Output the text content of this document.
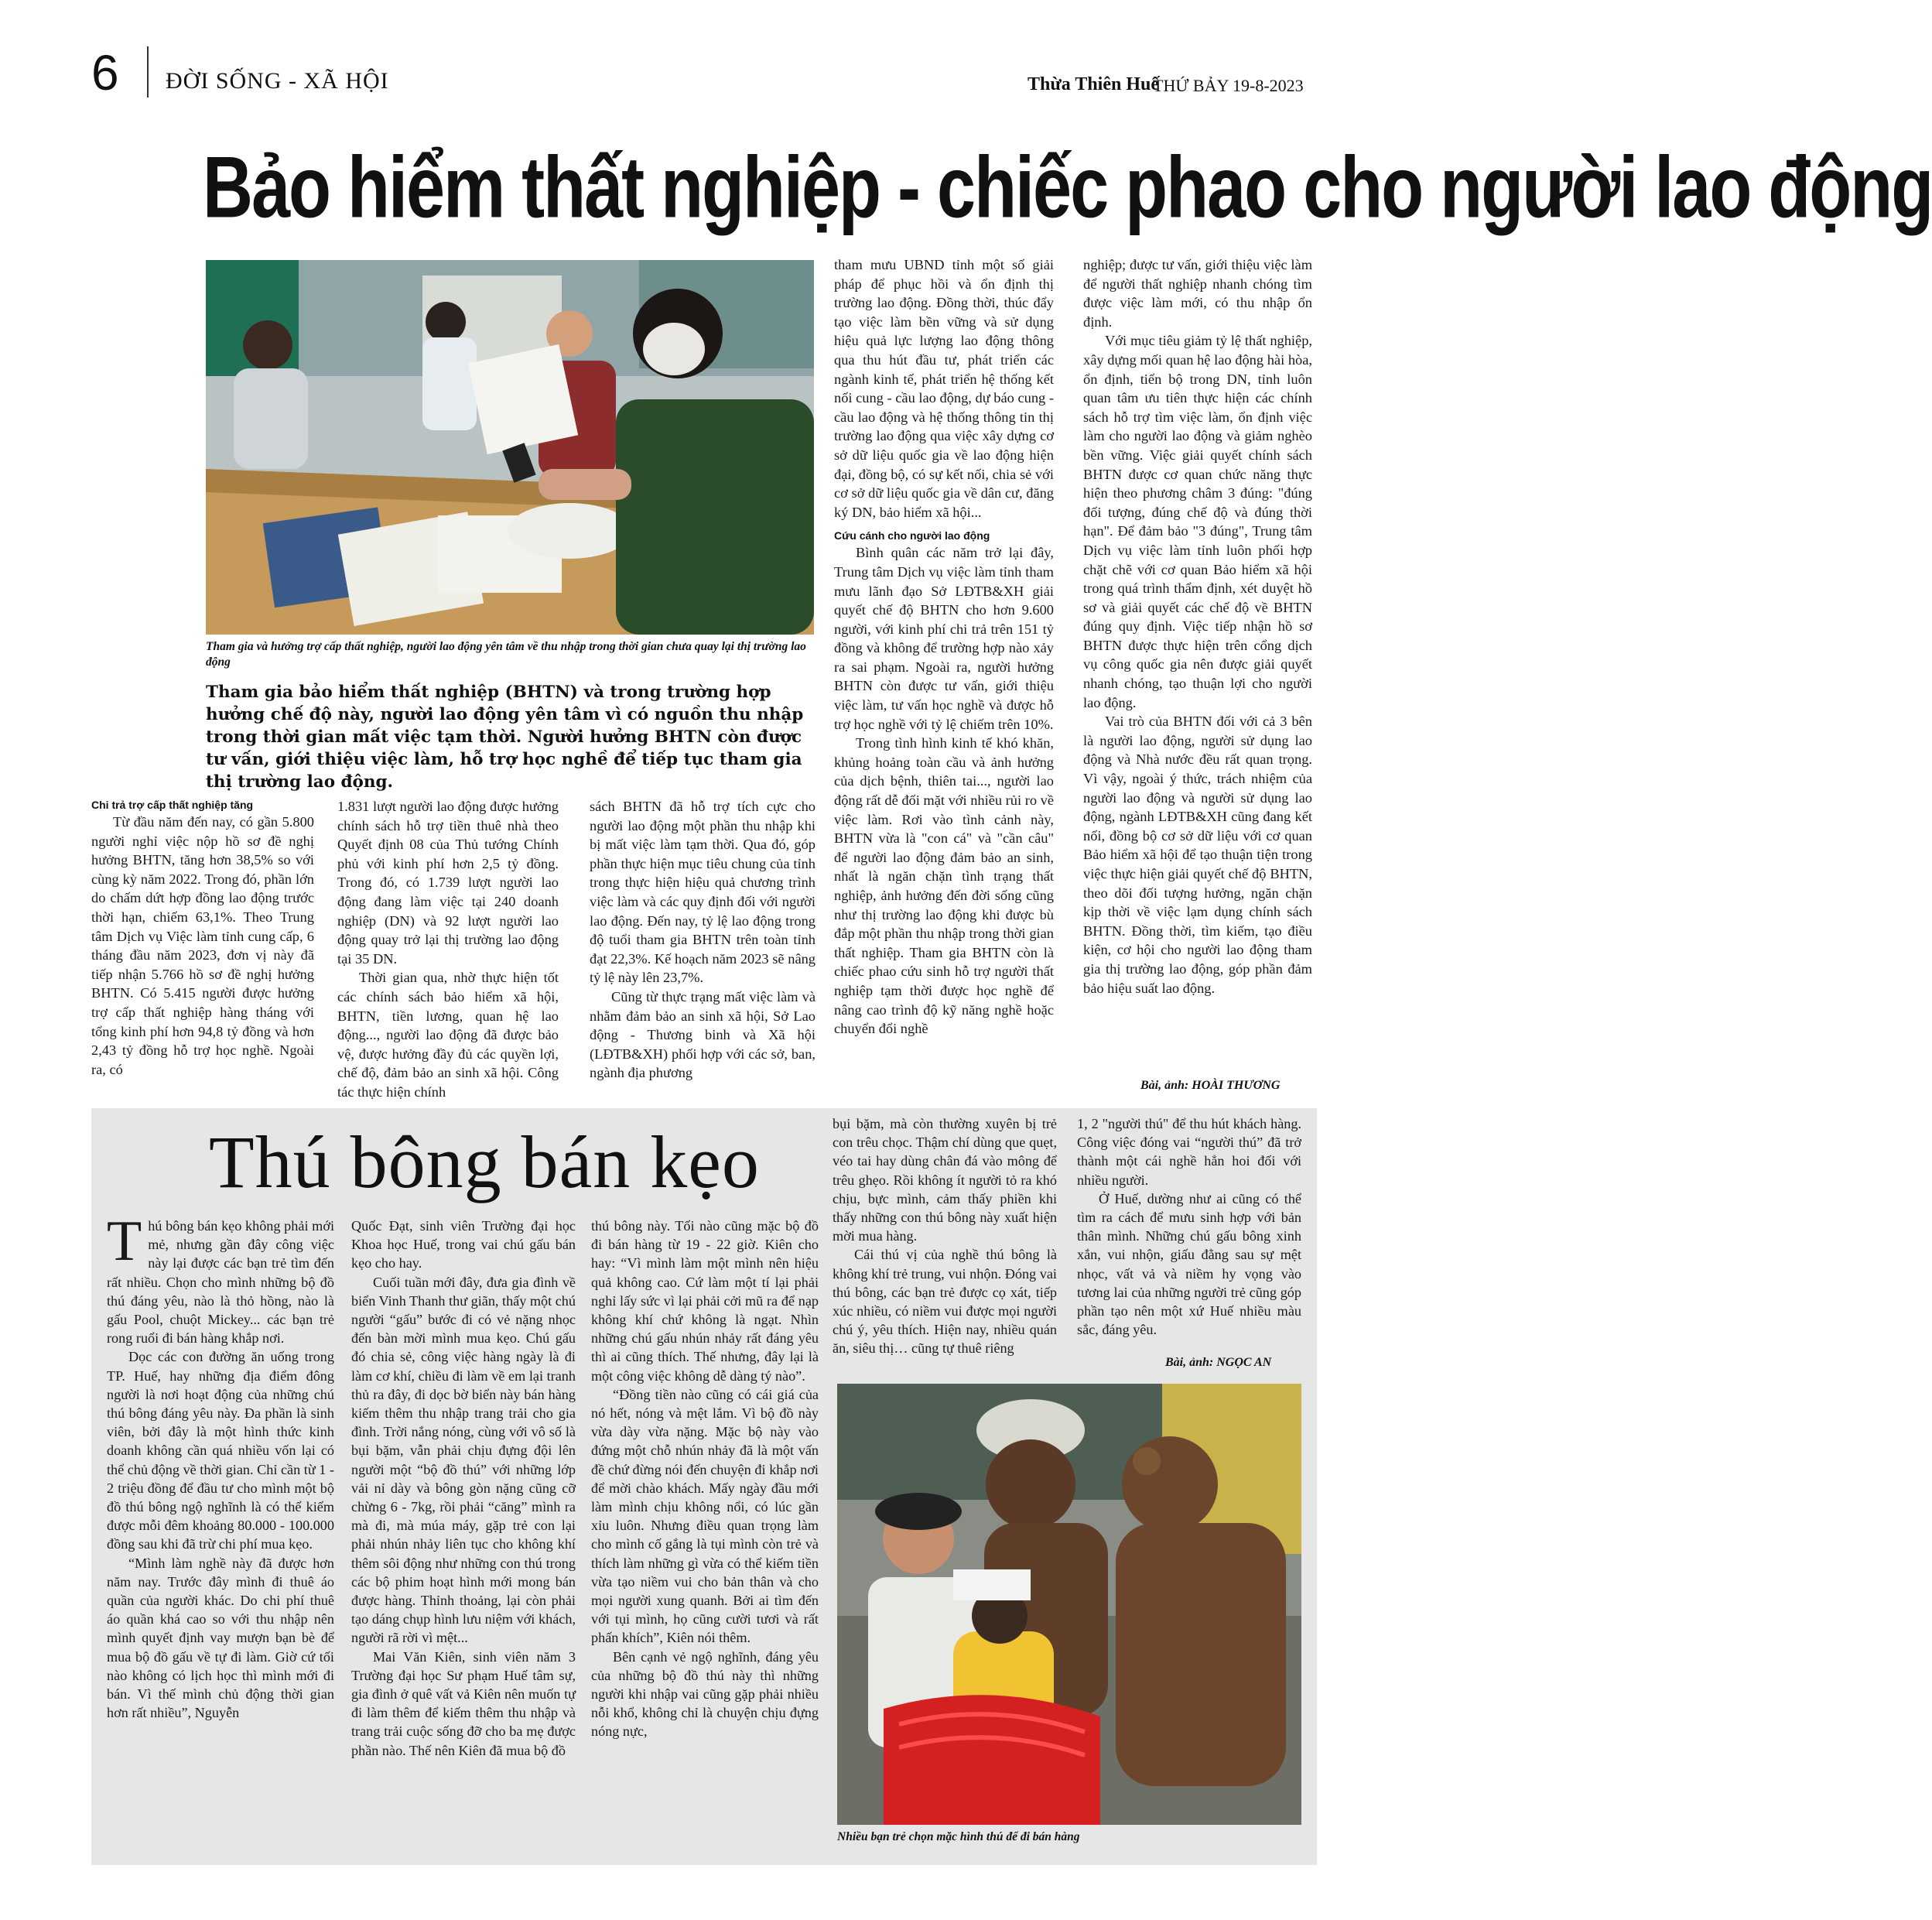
6 ĐỜI SỐNG - XÃ HỘI	Thừa Thiên Huế
THỨ BẢY 19-8-2023
Bảo hiểm thất nghiệp - chiếc phao cho người lao động
Tham gia và hưởng trợ cấp thất nghiệp, người lao động yên tâm về thu nhập trong thời gian chưa quay lại thị trường lao động
Tham gia bảo hiểm thất nghiệp (BHTN) và trong trường hợp hưởng chế độ này, người lao động yên tâm vì có nguồn thu nhập trong thời gian mất việc tạm thời. Người hưởng BHTN còn được tư vấn, giới thiệu việc làm, hỗ trợ học nghề để tiếp tục tham gia thị trường lao động.
Chi trả trợ cấp thất nghiệp tăng

Từ đầu năm đến nay, có gần 5.800 người nghỉ việc nộp hồ sơ đề nghị hưởng BHTN, tăng hơn 38,5% so với cùng kỳ năm 2022. Trong đó, phần lớn do chấm dứt hợp đồng lao động trước thời hạn, chiếm 63,1%. Theo Trung tâm Dịch vụ Việc làm tỉnh cung cấp, 6 tháng đầu năm 2023, đơn vị này đã tiếp nhận 5.766 hồ sơ đề nghị hưởng BHTN. Có 5.415 người được hưởng trợ cấp thất nghiệp hàng tháng với tổng kinh phí hơn 94,8 tỷ đồng và hơn 2,43 tỷ đồng hỗ trợ học nghề. Ngoài ra, có

1.831 lượt người lao động được hưởng chính sách hỗ trợ tiền thuê nhà theo Quyết định 08 của Thủ tướng Chính phủ với kinh phí hơn 2,5 tỷ đồng. Trong đó, có 1.739 lượt người lao động đang làm việc tại 240 doanh nghiệp (DN) và 92 lượt người lao động quay trở lại thị trường lao động tại 35 DN.

Thời gian qua, nhờ thực hiện tốt các chính sách bảo hiểm xã hội, BHTN, tiền lương, quan hệ lao động..., người lao động đã được bảo vệ, được hưởng đầy đủ các quyền lợi, chế độ, đảm bảo an sinh xã hội. Công tác thực hiện chính

sách BHTN đã hỗ trợ tích cực cho người lao động một phần thu nhập khi bị mất việc làm tạm thời. Qua đó, góp phần thực hiện mục tiêu chung của tỉnh trong thực hiện hiệu quả chương trình việc làm và các quy định đối với người lao động. Đến nay, tỷ lệ lao động trong độ tuổi tham gia BHTN trên toàn tỉnh đạt 22,3%. Kế hoạch năm 2023 sẽ nâng tỷ lệ này lên 23,7%.

Cũng từ thực trạng mất việc làm và nhằm đảm bảo an sinh xã hội, Sở Lao động - Thương binh và Xã hội (LĐTB&XH) phối hợp với các sở, ban, ngành địa phương

tham mưu UBND tỉnh một số giải pháp để phục hồi và ổn định thị trường lao động. Đồng thời, thúc đẩy tạo việc làm bền vững và sử dụng hiệu quả lực lượng lao động thông qua thu hút đầu tư, phát triển các ngành kinh tế, phát triển hệ thống kết nối cung - cầu lao động, dự báo cung - cầu lao động và hệ thống thông tin thị trường lao động qua việc xây dựng cơ sở dữ liệu quốc gia về lao động hiện đại, đồng bộ, có sự kết nối, chia sẻ với cơ sở dữ liệu quốc gia về dân cư, đăng ký DN, bảo hiểm xã hội...

Cứu cánh cho người lao động

Bình quân các năm trở lại đây, Trung tâm Dịch vụ việc làm tỉnh tham mưu lãnh đạo Sở LĐTB&XH giải quyết chế độ BHTN cho hơn 9.600 người, với kinh phí chi trả trên 151 tỷ đồng và không để trường hợp nào xảy ra sai phạm. Ngoài ra, người hưởng BHTN còn được tư vấn, giới thiệu việc làm, tư vấn học nghề và được hỗ trợ học nghề với tỷ lệ chiếm trên 10%.

Trong tình hình kinh tế khó khăn, khủng hoảng toàn cầu và ảnh hưởng của dịch bệnh, thiên tai..., người lao động rất dễ đối mặt với nhiều rủi ro về việc làm. Rơi vào tình cảnh này, BHTN vừa là "con cá" và "cần câu" để người lao động đảm bảo an sinh, nhất là ngăn chặn tình trạng thất nghiệp, ảnh hưởng đến đời sống cũng như thị trường lao động khi được bù đắp một phần thu nhập trong thời gian thất nghiệp. Tham gia BHTN còn là chiếc phao cứu sinh hỗ trợ người thất nghiệp tạm thời được học nghề để nâng cao trình độ kỹ năng nghề hoặc chuyển đổi nghề

nghiệp; được tư vấn, giới thiệu việc làm để người thất nghiệp nhanh chóng tìm được việc làm mới, có thu nhập ổn định.

Với mục tiêu giảm tỷ lệ thất nghiệp, xây dựng mối quan hệ lao động hài hòa, ổn định, tiến bộ trong DN, tỉnh luôn quan tâm ưu tiên thực hiện các chính sách hỗ trợ tìm việc làm, ổn định việc làm cho người lao động và giảm nghèo bền vững. Việc giải quyết chính sách BHTN được cơ quan chức năng thực hiện theo phương châm 3 đúng: "đúng đối tượng, đúng chế độ và đúng thời hạn". Để đảm bảo "3 đúng", Trung tâm Dịch vụ việc làm tỉnh luôn phối hợp chặt chẽ với cơ quan Bảo hiểm xã hội trong quá trình thẩm định, xét duyệt hồ sơ và giải quyết các chế độ về BHTN đúng quy định. Việc tiếp nhận hồ sơ BHTN được thực hiện trên cổng dịch vụ công quốc gia nên được giải quyết nhanh chóng, tạo thuận lợi cho người lao động.

Vai trò của BHTN đối với cả 3 bên là người lao động, người sử dụng lao động và Nhà nước đều rất quan trọng. Vì vậy, ngoài ý thức, trách nhiệm của người lao động và người sử dụng lao động, ngành LĐTB&XH cũng đang kết nối, đồng bộ cơ sở dữ liệu với cơ quan Bảo hiểm xã hội để tạo thuận tiện trong việc thực hiện giải quyết chế độ BHTN, theo dõi đối tượng hưởng, ngăn chặn kịp thời về việc lạm dụng chính sách BHTN. Đồng thời, tìm kiếm, tạo điều kiện, cơ hội cho người lao động tham gia thị trường lao động, góp phần đảm bảo hiệu suất lao động.

Bài, ảnh: HOÀI THƯƠNG
Thú bông bán kẹo

Thú bông bán kẹo không phải mới mẻ, nhưng gần đây công việc này lại được các bạn trẻ tìm đến rất nhiều. Chọn cho mình những bộ đồ thú đáng yêu, nào là thỏ hồng, nào là gấu Pool, chuột Mickey... các bạn trẻ rong ruổi đi bán hàng khắp nơi.

Dọc các con đường ăn uống trong TP. Huế, hay những địa điểm đông người là nơi hoạt động của những chú thú bông đáng yêu này. Đa phần là sinh viên, bởi đây là một hình thức kinh doanh không cần quá nhiều vốn lại có thể chủ động về thời gian. Chỉ cần từ 1 - 2 triệu đồng để đầu tư cho mình một bộ đồ thú bông ngộ nghĩnh là có thể kiếm được mỗi đêm khoảng 80.000 - 100.000 đồng sau khi đã trừ chi phí mua kẹo.

“Mình làm nghề này đã được hơn năm nay. Trước đây mình đi thuê áo quần của người khác. Do chi phí thuê áo quần khá cao so với thu nhập nên mình quyết định vay mượn bạn bè để mua bộ đồ gấu về tự đi làm. Giờ cứ tối nào không có lịch học thì mình mới đi bán. Vì thế mình chủ động thời gian hơn rất nhiều”, Nguyễn

Quốc Đạt, sinh viên Trường đại học Khoa học Huế, trong vai chú gấu bán kẹo cho hay.

Cuối tuần mới đây, đưa gia đình về biển Vinh Thanh thư giãn, thấy một chú người “gấu” bước đi có vẻ nặng nhọc đến bàn mời mình mua kẹo. Chú gấu đó chia sẻ, công việc hàng ngày là đi làm cơ khí, chiều đi làm về em lại tranh thủ ra đây, đi dọc bờ biển này bán hàng kiếm thêm thu nhập trang trải cho gia đình. Trời nắng nóng, cùng với vô số là bụi bặm, vẫn phải chịu đựng đội lên người một “bộ đồ thú” với những lớp vải nỉ dày và bông gòn nặng cũng cỡ chừng 6 - 7kg, rồi phải “căng” mình ra mà đi, mà múa máy, gặp trẻ con lại phải nhún nhảy liên tục cho không khí thêm sôi động như những con thú trong các bộ phim hoạt hình mới mong bán được hàng. Thỉnh thoảng, lại còn phải tạo dáng chụp hình lưu niệm với khách, người rã rời vì mệt...

Mai Văn Kiên, sinh viên năm 3 Trường đại học Sư phạm Huế tâm sự, gia đình ở quê vất vả Kiên nên muốn tự đi làm thêm để kiếm thêm thu nhập và trang trải cuộc sống đỡ cho ba mẹ được phần nào. Thế nên Kiên đã mua bộ đồ

thú bông này. Tối nào cũng mặc bộ đồ đi bán hàng từ 19 - 22 giờ. Kiên cho hay: “Vì mình làm một mình nên hiệu quả không cao. Cứ làm một tí lại phải nghỉ lấy sức vì lại phải cởi mũ ra để nạp không khí chứ không là ngạt. Nhìn những chú gấu nhún nhảy rất đáng yêu thì ai cũng thích. Thế nhưng, đây lại là một công việc không dễ dàng tý nào”.

“Đồng tiền nào cũng có cái giá của nó hết, nóng và mệt lắm. Vì bộ đồ này vừa dày vừa nặng. Mặc bộ này vào đứng một chỗ nhún nhảy đã là một vấn đề chứ đừng nói đến chuyện đi khắp nơi để mời chào khách. Mấy ngày đầu mới làm mình chịu không nổi, có lúc gần xỉu luôn. Nhưng điều quan trọng làm cho mình cố gắng là tụi mình còn trẻ và thích làm những gì vừa có thể kiếm tiền vừa tạo niềm vui cho bản thân và cho mọi người xung quanh. Bởi ai tìm đến với tụi mình, họ cũng cười tươi và rất phấn khích”, Kiên nói thêm.

Bên cạnh vẻ ngộ nghĩnh, đáng yêu của những bộ đồ thú này thì những người khi nhập vai cũng gặp phải nhiều nỗi khổ, không chỉ là chuyện chịu đựng nóng nực,

bụi bặm, mà còn thường xuyên bị trẻ con trêu chọc. Thậm chí dùng que quẹt, véo tai hay dùng chân đá vào mông để trêu ghẹo. Rồi không ít người tỏ ra khó chịu, bực mình, cảm thấy phiền khi thấy những con thú bông này xuất hiện mời mua hàng.

Cái thú vị của nghề thú bông là không khí trẻ trung, vui nhộn. Đóng vai thú bông, các bạn trẻ được cọ xát, tiếp xúc nhiều, có niềm vui được mọi người chú ý, yêu thích. Hiện nay, nhiều quán ăn, siêu thị… cũng tự thuê riêng

1, 2 "người thú" để thu hút khách hàng. Công việc đóng vai “người thú” đã trở thành một cái nghề hẳn hoi đối với nhiều người.

Ở Huế, dường như ai cũng có thể tìm ra cách để mưu sinh hợp với bản thân mình. Những chú gấu bông xinh xắn, vui nhộn, giấu đằng sau sự mệt nhọc, vất vả và niềm hy vọng vào tương lai của những người trẻ cũng góp phần tạo nên một xứ Huế nhiều màu sắc, đáng yêu.

Bài, ảnh: NGỌC AN
Nhiều bạn trẻ chọn mặc hình thú để đi bán hàng
